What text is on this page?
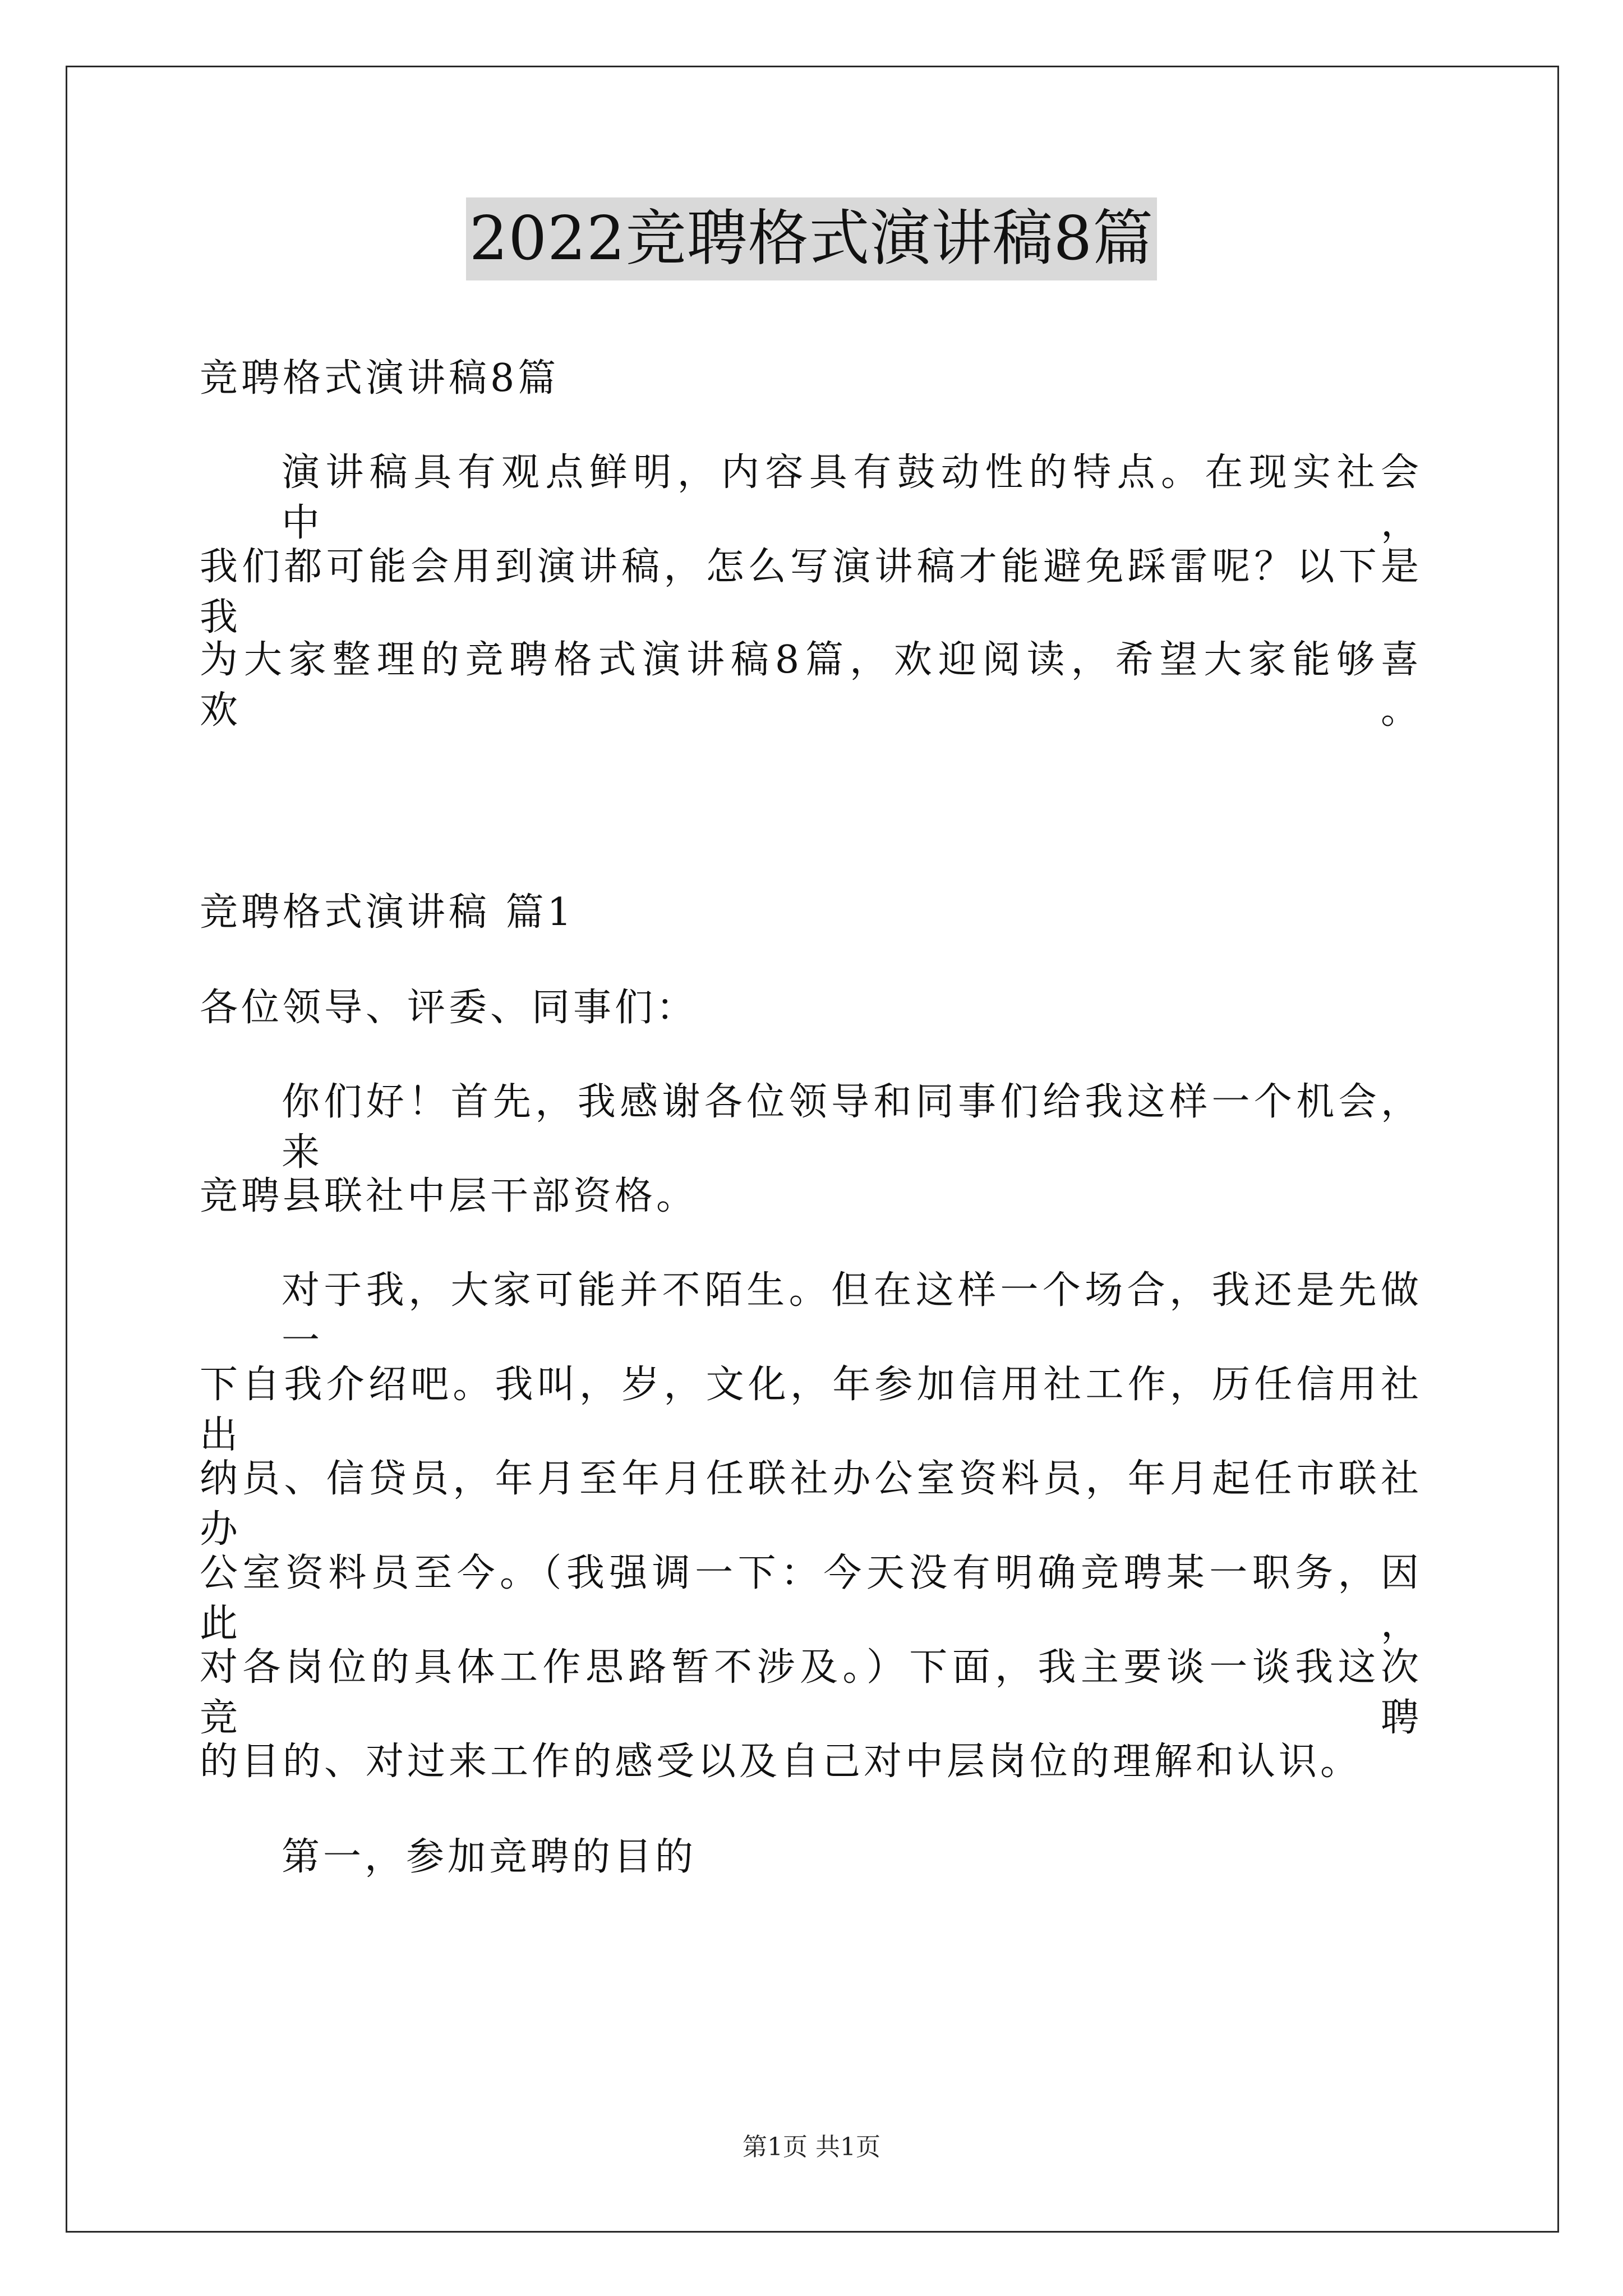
2022竞聘格式演讲稿8篇
竞聘格式演讲稿8篇
演讲稿具有观点鲜明，内容具有鼓动性的特点。在现实社会中，
我们都可能会用到演讲稿，怎么写演讲稿才能避免踩雷呢？以下是我
为大家整理的竞聘格式演讲稿8篇，欢迎阅读，希望大家能够喜欢。
竞聘格式演讲稿 篇1
各位领导、评委、同事们：
你们好！首先，我感谢各位领导和同事们给我这样一个机会，来
竞聘县联社中层干部资格。
对于我，大家可能并不陌生。但在这样一个场合，我还是先做一
下自我介绍吧。我叫，岁，文化，年参加信用社工作，历任信用社出
纳员、信贷员，年月至年月任联社办公室资料员，年月起任市联社办
公室资料员至今。（我强调一下：今天没有明确竞聘某一职务，因此，
对各岗位的具体工作思路暂不涉及。）下面，我主要谈一谈我这次竞聘
的目的、对过来工作的感受以及自己对中层岗位的理解和认识。
第一，参加竞聘的目的
第1页 共1页
